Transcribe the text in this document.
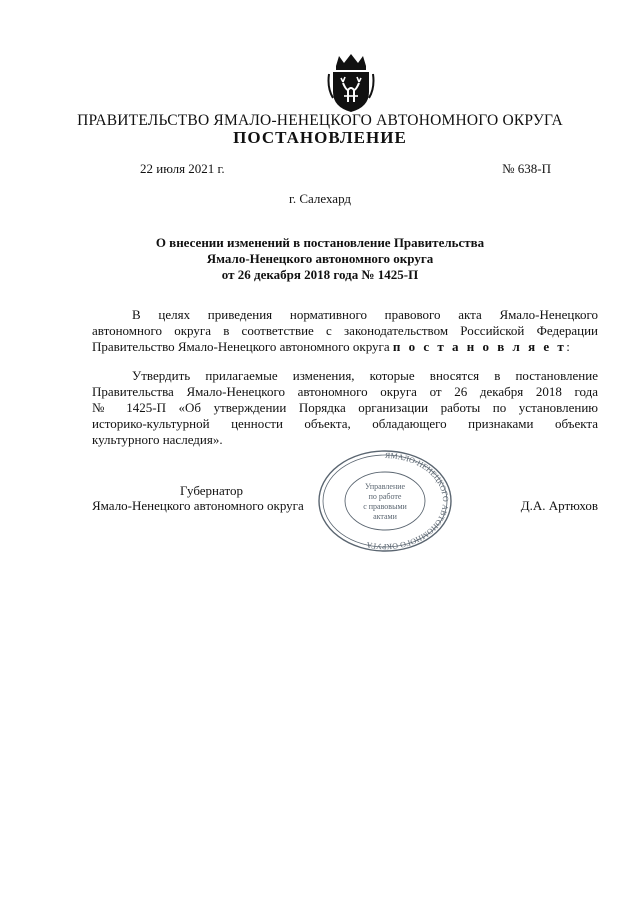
ПРАВИТЕЛЬСТВО ЯМАЛО-НЕНЕЦКОГО АВТОНОМНОГО ОКРУГА
ПОСТАНОВЛЕНИЕ
22 июля 2021 г.	№ 638-П
г. Салехард
О внесении изменений в постановление Правительства
Ямало-Ненецкого автономного округа
от 26 декабря 2018 года № 1425-П
В целях приведения нормативного правового акта Ямало-Ненецкого
автономного округа в соответствие с законодательством Российской Федерации
Правительство Ямало-Ненецкого автономного округа п о с т а н о в л я е т:
Утвердить прилагаемые изменения, которые вносятся в постановление
Правительства Ямало-Ненецкого автономного округа от 26 декабря 2018 года
№ 1425-П «Об утверждении Порядка организации работы по установлению
историко-культурной ценности объекта, обладающего признаками объекта
культурного наследия».
Губернатор
Ямало-Ненецкого автономного округа	Д.А. Артюхов
ЯМАЛО-НЕНЕЦКОГО АВТОНОМНОГО ОКРУГА
Управление
по работе
с правовыми
актами
